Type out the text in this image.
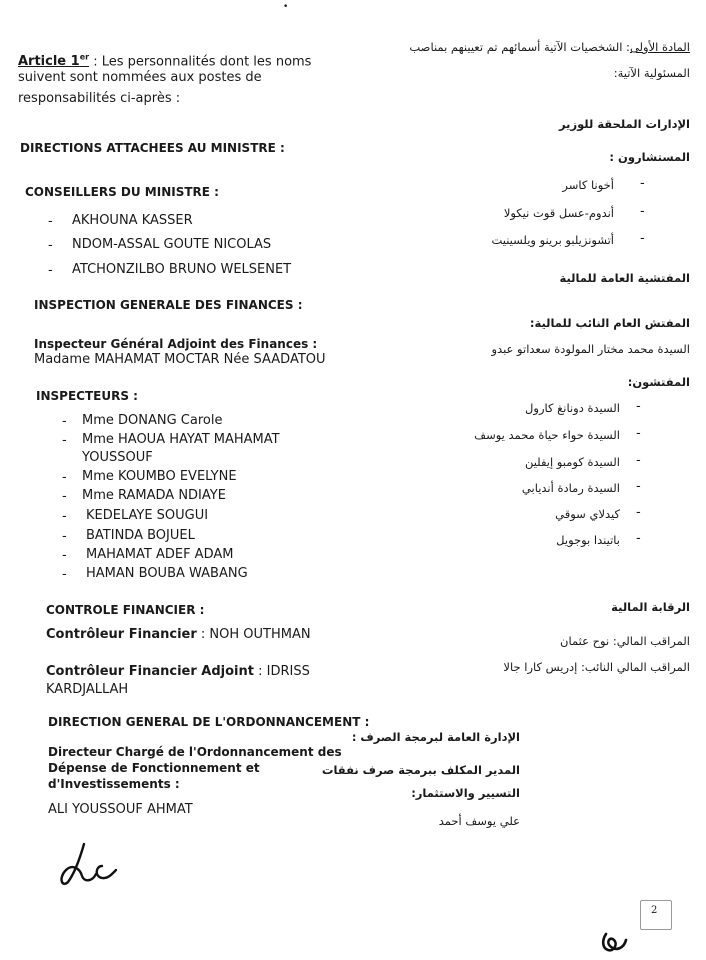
•
Article 1er : Les personnalités dont les noms
suivent sont nommées aux postes de
responsabilités ci-après :
المادة الأولى: الشخصيات الآتية أسمائهم تم تعيينهم بمناصب
المسئولية الآتية:
DIRECTIONS ATTACHEES AU MINISTRE :
الإدارات الملحقة للوزير
CONSEILLERS DU MINISTRE :
المستشارون :
- AKHOUNA KASSER
- NDOM-ASSAL GOUTE NICOLAS
- ATCHONZILBO BRUNO WELSENET
أخونا كاسر -
أندوم-عسل قوت نيكولا -
أتشونزيلبو برينو ويلسينيت -
INSPECTION GENERALE DES FINANCES :
المفتشية العامة للمالية
Inspecteur Général Adjoint des Finances :
Madame MAHAMAT MOCTAR Née SAADATOU
المفتش العام النائب للمالية:
السيدة محمد مختار المولودة سعداتو عبدو
INSPECTEURS :
المفتشون:
- Mme DONANG Carole
- Mme HAOUA HAYAT MAHAMAT
YOUSSOUF
- Mme KOUMBO EVELYNE
- Mme RAMADA NDIAYE
- KEDELAYE SOUGUI
- BATINDA BOJUEL
- MAHAMAT ADEF ADAM
- HAMAN BOUBA WABANG
السيدة دونانغ كارول -
السيدة حواء حياة محمد يوسف -
السيدة كومبو إيفلين -
السيدة رمادة أنديابي -
كيدلاي سوقي -
باتيندا بوجويل -
CONTROLE FINANCIER :	الرقابة المالية
Contrôleur Financier : NOH OUTHMAN	المراقب المالي: نوح عثمان
Contrôleur Financier Adjoint : IDRISS
KARDJALLAH
المراقب المالي النائب: إدريس كارا جالا
DIRECTION GENERAL DE L'ORDONNANCEMENT :
الإدارة العامة لبرمجة الصرف :
Directeur Chargé de l'Ordonnancement des
Dépense de Fonctionnement et
d'Investissements :
ALI YOUSSOUF AHMAT
المدير المكلف ببرمجة صرف نفقات
التسيير والاستثمار:
علي يوسف أحمد
2
